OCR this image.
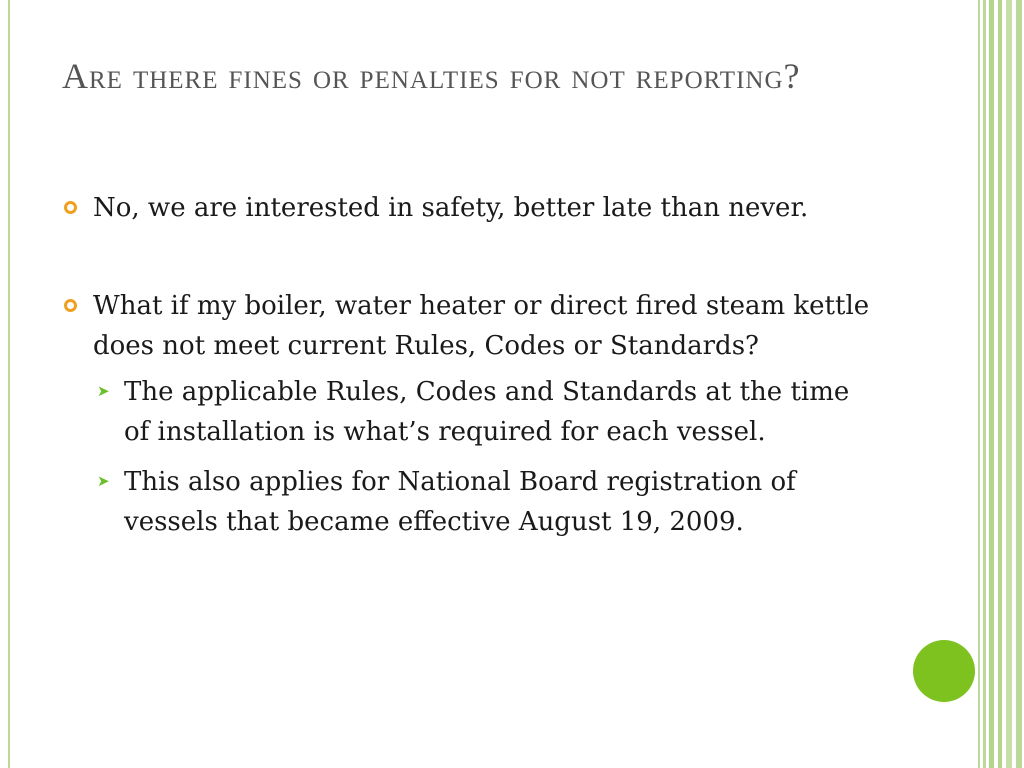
Are there fines or penalties for not reporting?
No, we are interested in safety, better late than never.
What if my boiler, water heater or direct fired steam kettle does not meet current Rules, Codes or Standards?
➤ The applicable Rules, Codes and Standards at the time of installation is what’s required for each vessel.
➤ This also applies for National Board registration of vessels that became effective August 19, 2009.
